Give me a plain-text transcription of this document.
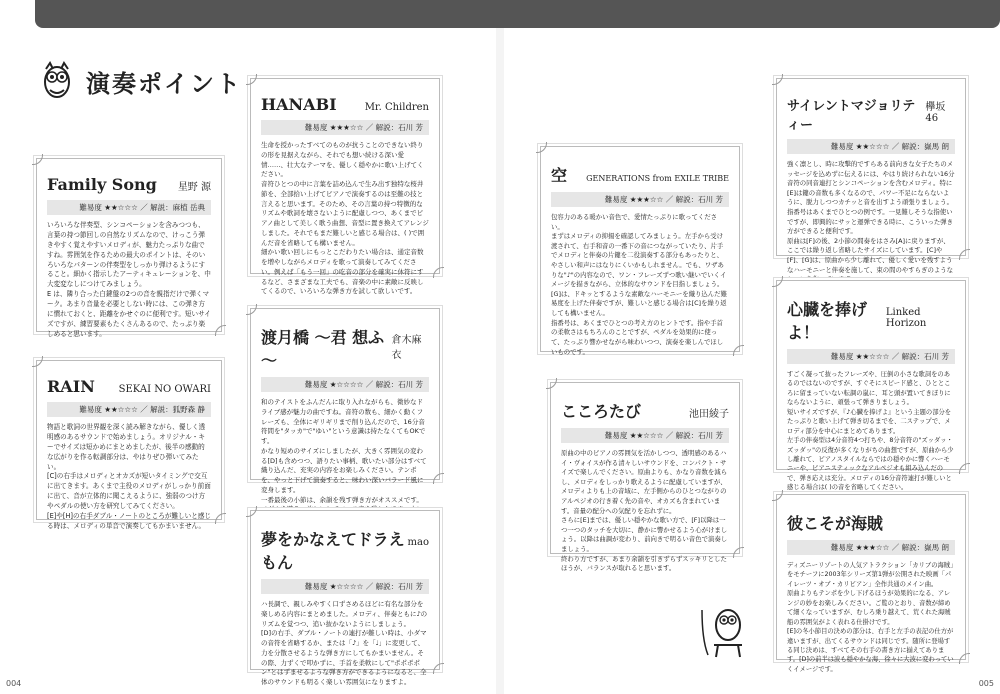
演奏ポイント
Family Song 星野 源
難易度 ★★☆☆☆ ／ 解説：麻植 岳典
いろいろな伴奏型、シンコペーションを含みつつも、言葉の持つ節回しの自然なリズムなので、けっこう弾きやすく覚えやすいメロディが、魅力たっぷりな曲ですね。雰囲気を作るための最大のポイントは、そのいろいろなパターンの伴奏型をしっかり弾けるようにすること。細かく指示したアーティキュレーションを、中大変変なしにつけてみましょう。
E は、隣り合った白鍵盤の2つの音を親指だけで弾くマーク。あまり音量を必要としない時には、この弾き方に慣れておくと、距離をかせぐのに便利です。短いサイズですが、練習要素もたくさんあるので、たっぷり楽しめると思います。
RAIN SEKAI NO OWARI
難易度 ★★☆☆☆ ／ 解説：狐野森 静
物語と歌詞の世界観を深く読み解きながら、優しく透明感のあるサウンドで始めましょう。オリジナル・キーでサイズは短かめにまとめましたが、後半の感動的な広がりを作る転調部分は、やはりぜひ弾いてみたい。
[C]の右手はメロディとオカズが短いタイミングで交互に出てきます。あくまで主役のメロディがしっかり前面に出て、音が立体的に聞こえるように、強弱のつけ方やペダルの使い方を研究してみてください。
[E]や[H]の右手ダブル・ノートのところが難しいと感じる時は、メロディの単音で演奏してもかまいません。
HANABI	Mr. Children
難易度 ★★★☆☆ ／ 解説：石川 芳
生命を授かったすべてのものが抗うことのできない終りの形を見据えながら、それでも想い続ける深い愛情……、壮大なテーマを、優しく穏やかに歌い上げてください。
音符ひとつの中に言葉を詰め込んで生み出す独特な桜井節を、全部拾い上げてピアノで演奏するのは至難の技と言えると思います。そのため、その言葉の持つ特徴的なリズムや歌詞を壊さないように配慮しつつ、あくまでピアノ曲として美しく歌う曲想、音型に置き換えてアレンジしました。それでもまだ難しいと感じる場合は、( )で囲んだ音を省略しても構いません。
細かい歌い回しにもっとこだわりたい場合は、通定音数を増やしながらメロディを歌って演奏してみてください。例えば「もう一回」の吃音の部分を確実に休符にするなど、さまざまな工夫でも、音楽の中に素敵に反映してくるので、いろいろな弾き方を試して欲しいです。
渡月橋 ～君 想ふ～
倉木麻衣
難易度 ★☆☆☆☆ ／ 解説：石川 芳
和のテイストをふんだんに取り入れながらも、微妙なドライブ感が魅力の曲ですね。音符の数も、細かく動くフレーズも、全体にギリギリまで削り込んだので、16分音符間を"タッカ"で"ゆい"という意識は持たなくてもOKです。
かなり短めのサイズにしましたが、大きく雰囲気の変わる[D]も含めつつ、語りたい事柄、歌いたい部分はすべて織り込んだ、充実の内容をお楽しみください。テンポを、やっと下げて演奏すると、味わい深いバラード風に変身します。
一番最後の小節は、余韻を残す弾き方がオススメです。
夢をかなえてドラえもん
mao
難易度 ★☆☆☆☆ ／ 解説：石川 芳
ハ長調で、親しみやすく口ずさめるほどに有名な部分を楽しめる内容にまとめました。メロディ、伴奏ともに♪のリズムを覚つつ、追い抜かないようにしましょう。
[D]の右手、ダブル・ノートの連打が難しい時は、小ダマの音符を省略するか、または「♪」を「♩」に変更して、力を分散させるような弾き方にしてもかまいません。その際、力ずくで叩かずに、手首を柔軟にして"ポポポポン"とはずませるような弾き方ができるようになると、全体のサウンドも明るく楽しい雰囲気になりますよ。
004
空 GENERATIONS from EXILE TRIBE
難易度 ★★★☆☆ ／ 解説：石川 芳
包容力のある暖かい音色で、愛情たっぷりに歌ってください。
まずはメロディの抑揚を確認してみましょう。左手から受け渡されて、右手和音の一番下の音につながっていたり、片手でメロディと伴奏の片鍵を二役演奏する部分もあったりと、やさしい和声にはなりにくいかもしれません。でも、ワザありな"♪"の内容なので、ワン・フレーズずつ歌い継いでいくイメージを描きながら、立体的なサウンドを目指しましょう。
[G]は、ドキッとするような素敵なハーモニーを織り込んだ難易度を上げた伴奏ですが、難しいと感じる場合は[C]を繰り返しても構いません。
指番号は、あくまでひとつの考え方のヒントです。指や手首の柔軟さはもちろんのことですが、ペダルを効果的に使って、たっぷり響かせながら味わいつつ、演奏を楽しんでほしいものです。
こころたび	池田綾子
難易度 ★★☆☆☆ ／ 解説：石川 芳
原曲の中のピアノの雰囲気を活かしつつ、透明感のあるハイ・ヴォイスが作る清々しいサウンドを、コンパクト・サイズで楽しんでください。原曲よりも、かなり音数を減らし、メロディをしっかり歌えるように配慮していますが、メロディよりも上の音域に、左手側からのひとつながりのアルペジオの行き着く先の音や、オカズも含まれています。音量の配分への気配りを忘れずに。
さらに[E]までは、優しい穏やかな歌い方で、[F]以降は一つ一つのタッチを大切に、静かに響かせるよう心がけましょう。以降は曲調が変わり、前向きで明るい音色で演奏しましょう。
終わり方ですが、あまり余韻を引きずらずスッキリとしたほうが、バランスが取れると思います。
サイレントマジョリティー
欅坂46
難易度 ★★☆☆☆ ／ 解説：嶽馬 朗
強く凛とし、時に攻撃的ですらある前向きな女子たちのメッセージを込めずに伝えるには、やはり続けられない16分音符の同音連打とシンコペーションを含むメロディ。特に[E]は鍵の音数も多くなるので、パワー不足にならないように、脱力しつつカチッと音を出すよう頑張りましょう。指番号はあくまでひとつの例です。一見難しそうな指使いですが、即興的にサッと運弾できる時に、こういった弾き方ができると便利です。
原曲は[F]の後、2小節の間奏をはさみ[A]に戻りますが、ここでは繰り返し省略したサイズにしています。[C]や[F]、[G]は、原曲から少し離れて、優しく愛いを残すようなハーモニーと伴奏を施して、束の間のやすらぎのような
心臓を捧げよ！
Linked Horizon
難易度 ★★☆☆☆ ／ 解説：石川 芳
すごく凝って抜ったフレーズや、圧倒の小さな歌詞をのあるのではないのですが、すぐそにスピード感と、ひとところに留まっていない転調の嵐に、耳と頭が置いてきぼりにならないように、頑張って弾きりましょう。
短いサイズですが、『♪心臓を捧げよ』という主題の部分をたっぷりと歌い上げて弾き切るまでを、二ステップで、メロディ部分を中心にまとめてあります。
左手の伴奏型は4分音符4つ打ちや、8分音符の"ズッダッ・ズッダッ"の反復が多くなりがちの曲想ですが、原曲から少し離れて、ピアノスタイルならではの穏やかに響くハーモニーや、ピアニスティックなアルペジオも組み込んだので、弾き応えは充分。メロディの16分音符連打が難しいと感じる場合は( )の音を省略してください。
彼こそが海賊
難易度 ★★★☆☆ ／ 解説：嶽馬 朗
ディズニーリゾートの人気アトラクション「カリブの海賊」をモチーフに2003年シリーズ第1弾が公開された映画「パイレーツ・オブ・カリビアン」全作共通のメイン曲。
原曲よりもテンポを少し下げるほうが効果的になる、アレンジの妙をお楽しみください。ご覧のとおり、音数が締めて細くなっていますが、むしろ乗り越えて、荒くれた海賊船の雰囲気がよく表れる仕掛けです。
[E]の冬小節目の決めの部分は、右手と左手の表記の仕方が違いますが、出てくるサウンドは同じです。随所に登場する同じ決めは、すべてその右手の書き方に揃えてあります。[D]の前半は波も穏やかな海、徐々に大波に変わっていくイメージです。
005
